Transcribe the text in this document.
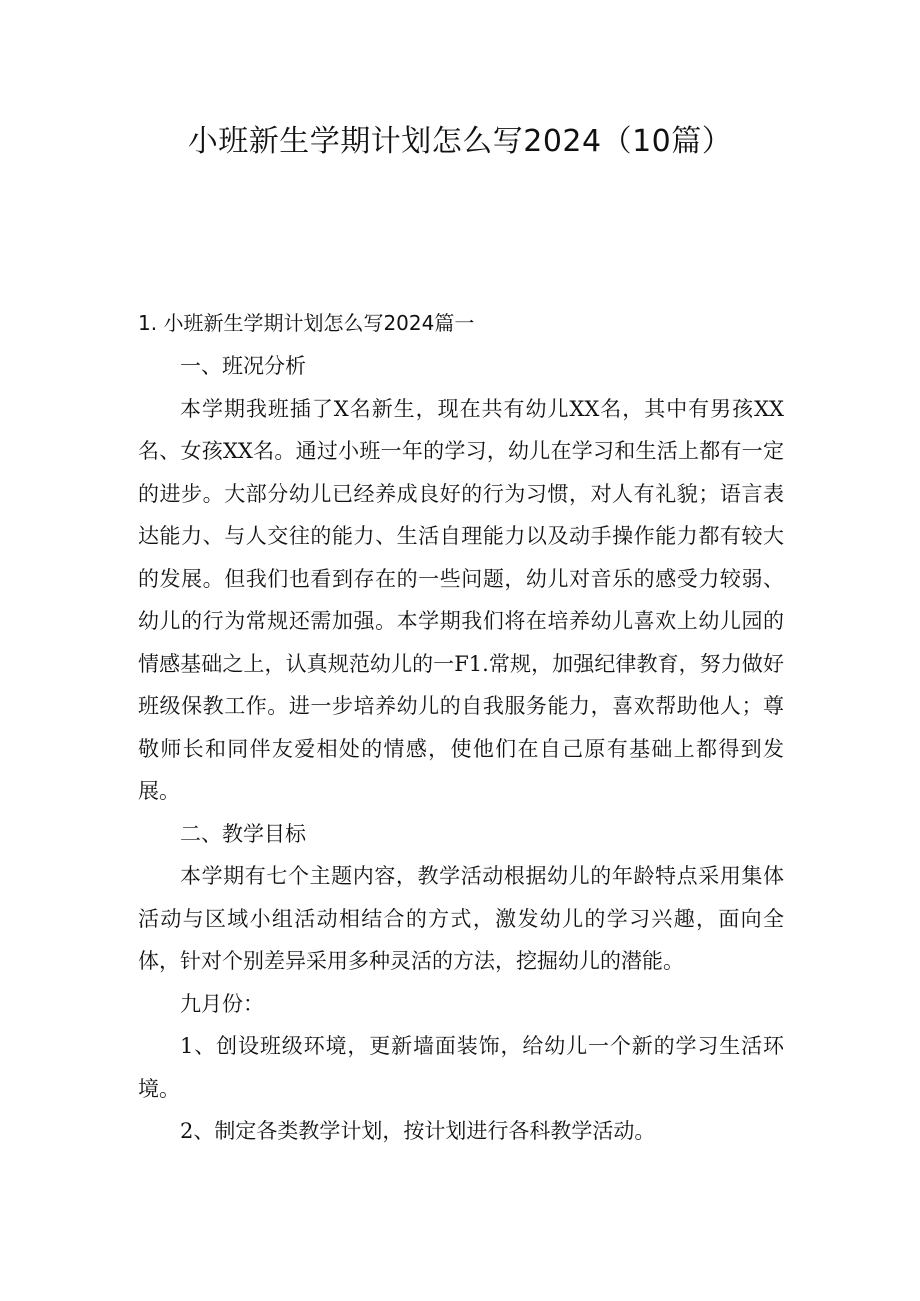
小班新生学期计划怎么写2024（10篇）
1. 小班新生学期计划怎么写2024篇一

一、班况分析

本学期我班插了X名新生，现在共有幼儿XX名，其中有男孩XX名、女孩XX名。通过小班一年的学习，幼儿在学习和生活上都有一定的进步。大部分幼儿已经养成良好的行为习惯，对人有礼貌；语言表达能力、与人交往的能力、生活自理能力以及动手操作能力都有较大的发展。但我们也看到存在的一些问题，幼儿对音乐的感受力较弱、幼儿的行为常规还需加强。本学期我们将在培养幼儿喜欢上幼儿园的情感基础之上，认真规范幼儿的一F1.常规，加强纪律教育，努力做好班级保教工作。进一步培养幼儿的自我服务能力，喜欢帮助他人；尊敬师长和同伴友爱相处的情感，使他们在自己原有基础上都得到发展。

二、教学目标

本学期有七个主题内容，教学活动根据幼儿的年龄特点采用集体活动与区域小组活动相结合的方式，激发幼儿的学习兴趣，面向全体，针对个别差异采用多种灵活的方法，挖掘幼儿的潜能。

九月份：

1、创设班级环境，更新墙面装饰，给幼儿一个新的学习生活环境。

2、制定各类教学计划，按计划进行各科教学活动。
